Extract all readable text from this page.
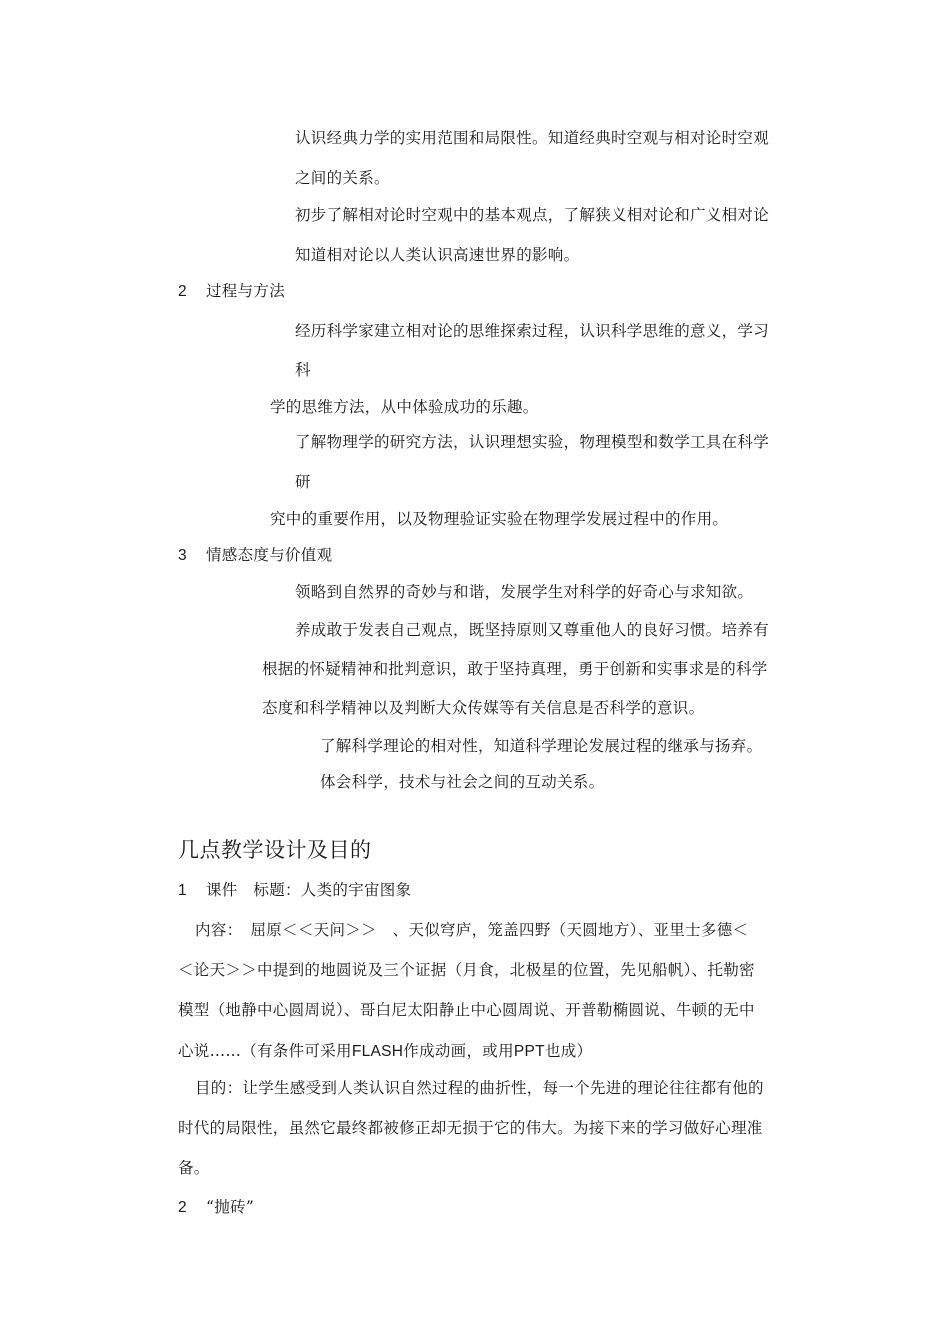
认识经典力学的实用范围和局限性。知道经典时空观与相对论时空观
之间的关系。
初步了解相对论时空观中的基本观点，了解狭义相对论和广义相对论
知道相对论以人类认识高速世界的影响。
2 过程与方法
经历科学家建立相对论的思维探索过程，认识科学思维的意义，学习
科
学的思维方法，从中体验成功的乐趣。
了解物理学的研究方法，认识理想实验，物理模型和数学工具在科学
研
究中的重要作用，以及物理验证实验在物理学发展过程中的作用。
3 情感态度与价值观
领略到自然界的奇妙与和谐，发展学生对科学的好奇心与求知欲。
养成敢于发表自己观点，既坚持原则又尊重他人的良好习惯。培养有
根据的怀疑精神和批判意识，敢于坚持真理，勇于创新和实事求是的科学
态度和科学精神以及判断大众传媒等有关信息是否科学的意识。
了解科学理论的相对性，知道科学理论发展过程的继承与扬弃。
体会科学，技术与社会之间的互动关系。
几点教学设计及目的
1 课件　标题：人类的宇宙图象
内容：　屈原＜＜天问＞＞　、天似穹庐，笼盖四野（天圆地方）、亚里士多德＜
＜论天＞＞中提到的地圆说及三个证据（月食，北极星的位置，先见船帆）、托勒密
模型（地静中心圆周说）、哥白尼太阳静止中心圆周说、开普勒椭圆说、牛顿的无中
心说……（有条件可采用FLASH作成动画，或用PPT也成）
目的：让学生感受到人类认识自然过程的曲折性，每一个先进的理论往往都有他的
时代的局限性，虽然它最终都被修正却无损于它的伟大。为接下来的学习做好心理准
备。
2 “抛砖”
